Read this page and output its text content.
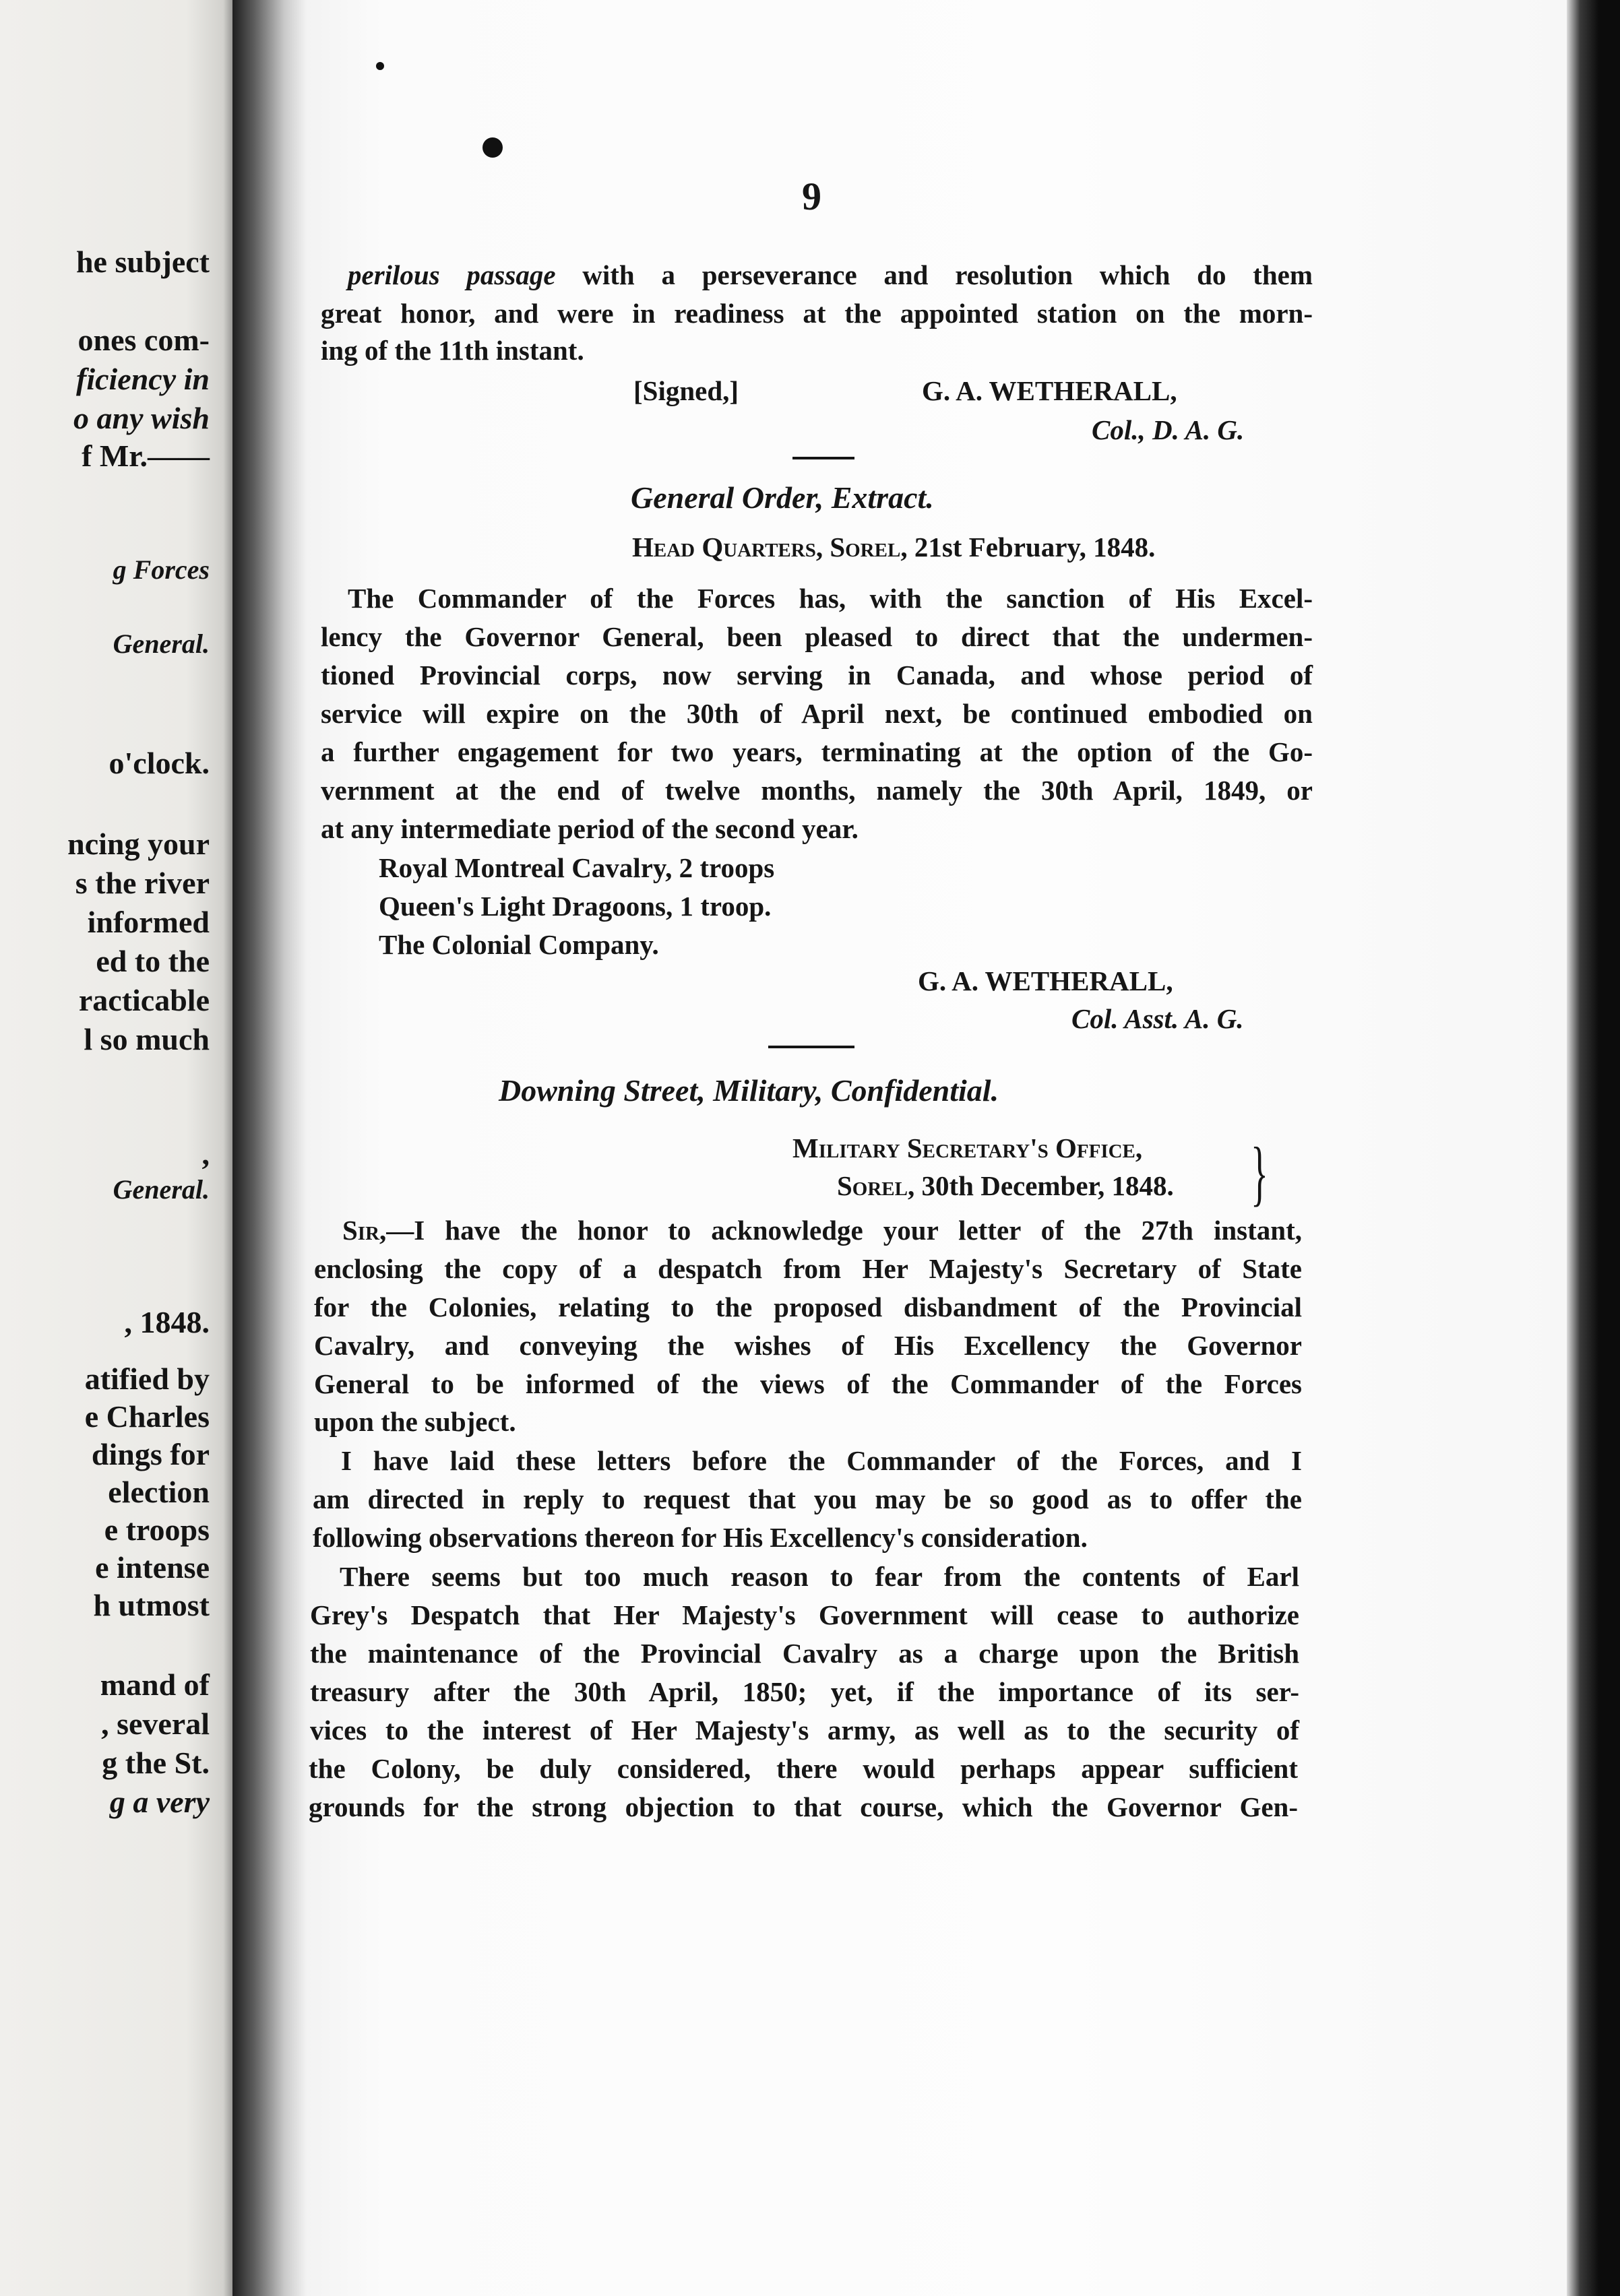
he subject
ones com-
ficiency in
o any wish
f Mr.——
g Forces
General.
o'clock.
ncing your
s the river
informed
ed to the
racticable
l so much
,
General.
, 1848.
atified by
e Charles
dings for
election
e troops
e intense
h utmost
mand of
, several
g the St.
g a very
9
perilous passage with a perseverance and resolution which do them
great honor, and were in readiness at the appointed station on the morn-
ing of the 11th instant.
[Signed,]	G. A. WETHERALL,
Col., D. A. G.
General Order, Extract.
Head Quarters, Sorel, 21st February, 1848.
The Commander of the Forces has, with the sanction of His Excel-
lency the Governor General, been pleased to direct that the undermen-
tioned Provincial corps, now serving in Canada, and whose period of
service will expire on the 30th of April next, be continued embodied on
a further engagement for two years, terminating at the option of the Go-
vernment at the end of twelve months, namely the 30th April, 1849, or
at any intermediate period of the second year.
Royal Montreal Cavalry, 2 troops
Queen's Light Dragoons, 1 troop.
The Colonial Company.
G. A. WETHERALL,
Col. Asst. A. G.
Downing Street, Military, Confidential.
Military Secretary's Office,
Sorel, 30th December, 1848. }
Sir,—I have the honor to acknowledge your letter of the 27th instant,
enclosing the copy of a despatch from Her Majesty's Secretary of State
for the Colonies, relating to the proposed disbandment of the Provincial
Cavalry, and conveying the wishes of His Excellency the Governor
General to be informed of the views of the Commander of the Forces
upon the subject.
I have laid these letters before the Commander of the Forces, and I
am directed in reply to request that you may be so good as to offer the
following observations thereon for His Excellency's consideration.
There seems but too much reason to fear from the contents of Earl
Grey's Despatch that Her Majesty's Government will cease to authorize
the maintenance of the Provincial Cavalry as a charge upon the British
treasury after the 30th April, 1850; yet, if the importance of its ser-
vices to the interest of Her Majesty's army, as well as to the security of
the Colony, be duly considered, there would perhaps appear sufficient
grounds for the strong objection to that course, which the Governor Gen-
